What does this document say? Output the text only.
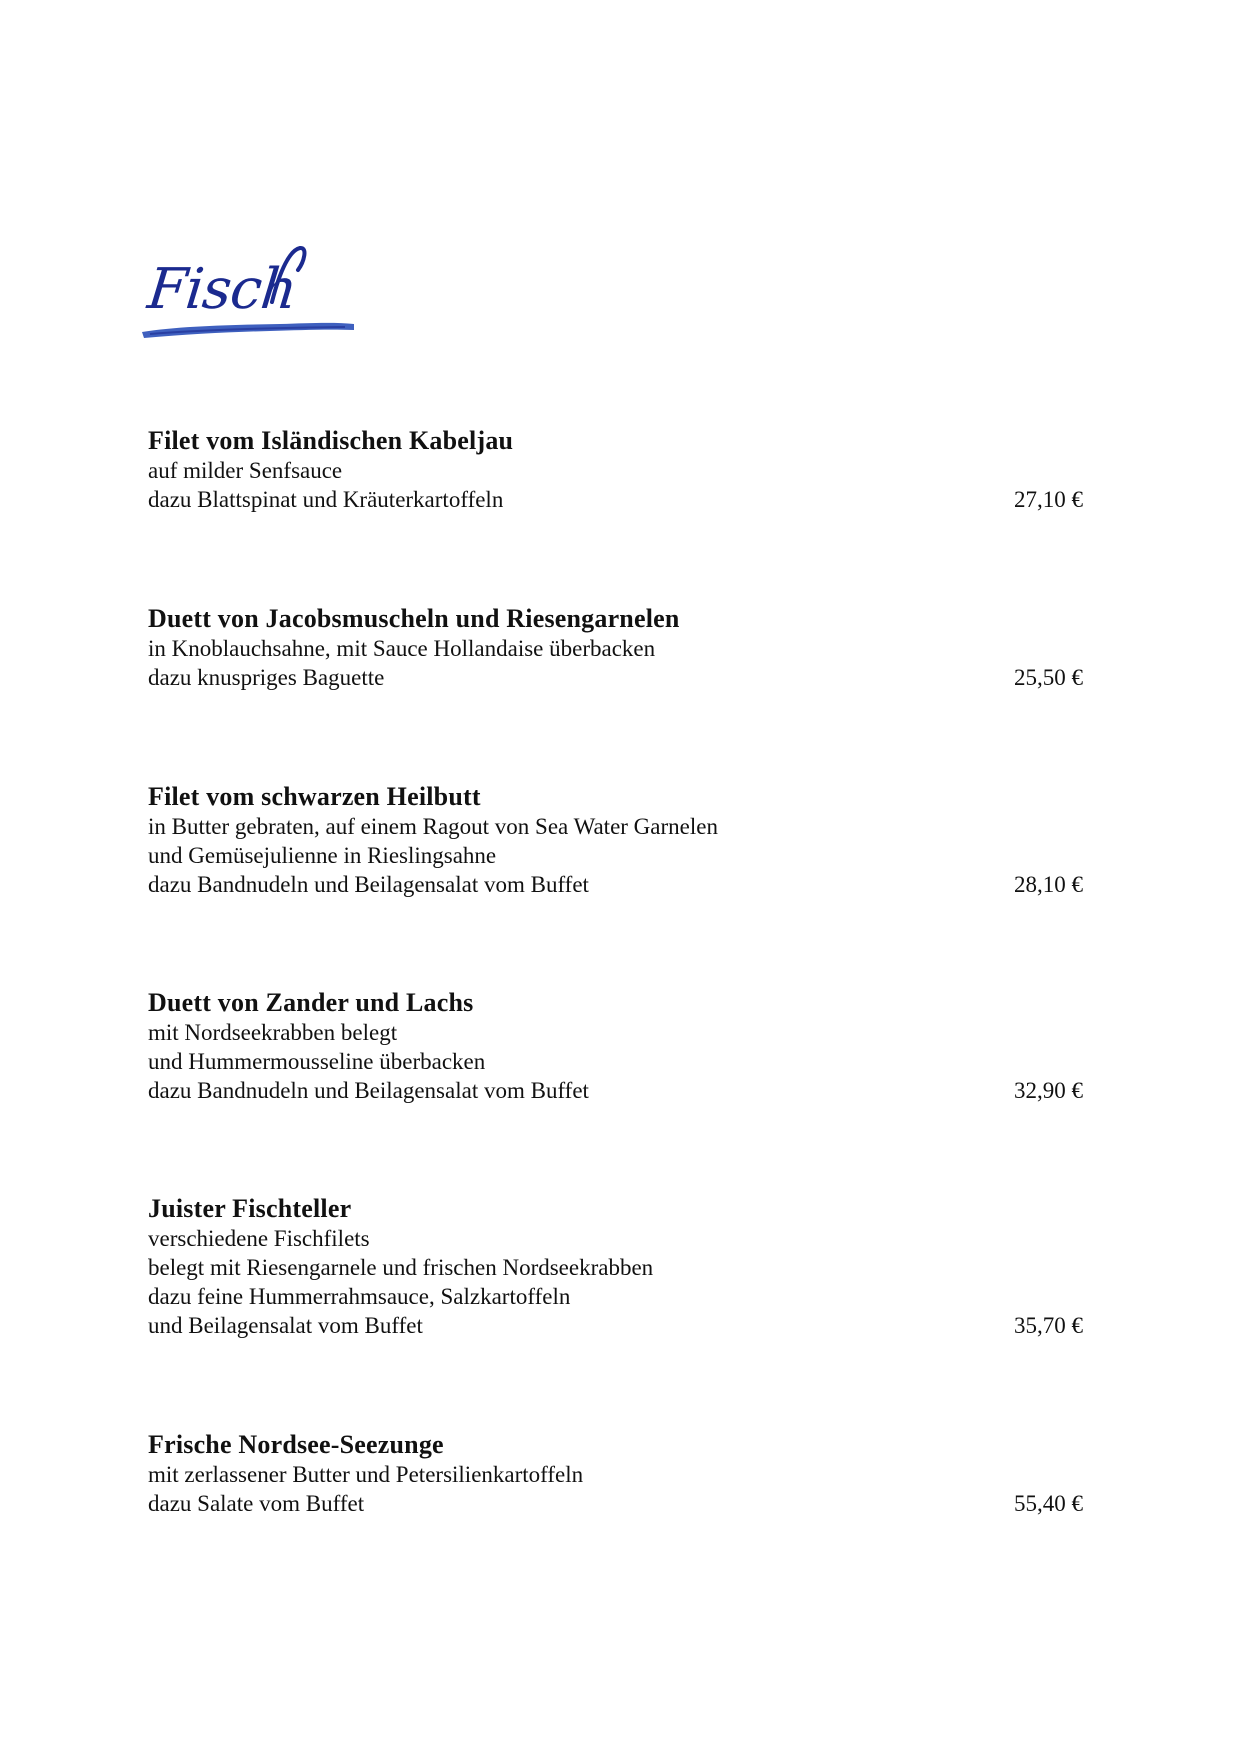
Fisch
Filet vom Isländischen Kabeljau
auf milder Senfsauce
dazu Blattspinat und Kräuterkartoffeln	27,10 €
Duett von Jacobsmuscheln und Riesengarnelen
in Knoblauchsahne, mit Sauce Hollandaise überbacken
dazu knuspriges Baguette	25,50 €
Filet vom schwarzen Heilbutt
in Butter gebraten, auf einem Ragout von Sea Water Garnelen
und Gemüsejulienne in Rieslingsahne
dazu Bandnudeln und Beilagensalat vom Buffet	28,10 €
Duett von Zander und Lachs
mit Nordseekrabben belegt
und Hummermousseline überbacken
dazu Bandnudeln und Beilagensalat vom Buffet	32,90 €
Juister Fischteller
verschiedene Fischfilets
belegt mit Riesengarnele und frischen Nordseekrabben
dazu feine Hummerrahmsauce, Salzkartoffeln
und Beilagensalat vom Buffet	35,70 €
Frische Nordsee-Seezunge
mit zerlassener Butter und Petersilienkartoffeln
dazu Salate vom Buffet	55,40 €
